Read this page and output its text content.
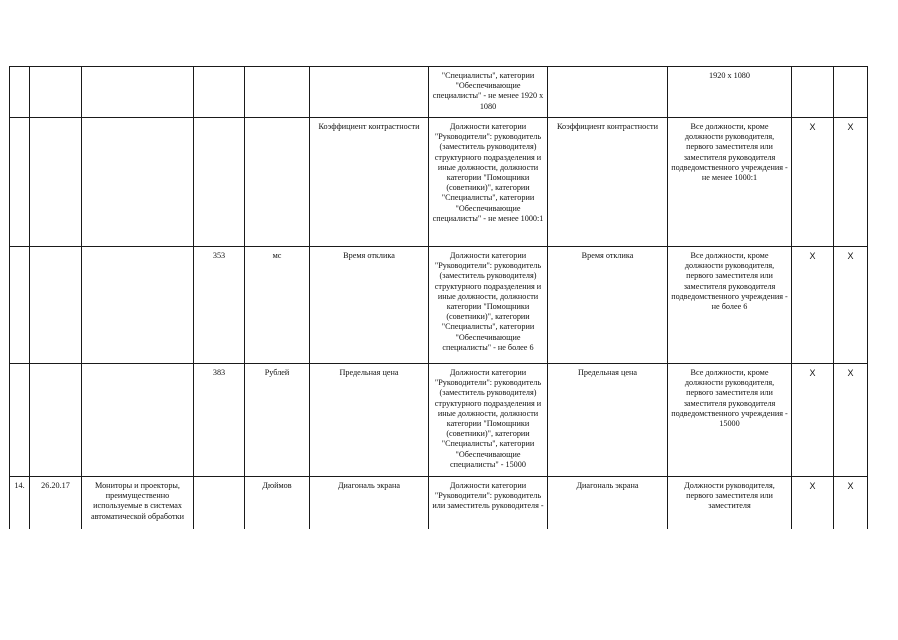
						"Специалисты", категории "Обеспечивающие специалисты" - не менее 1920 x 1080		1920 x 1080		
					Коэффициент контрастности	Должности категории "Руководители": руководитель (заместитель руководителя) структурного подразделения и иные должности, должности категории "Помощники (советники)", категории "Специалисты", категории "Обеспечивающие специалисты" - не менее 1000:1	Коэффициент контрастности	Все должности, кроме должности руководителя, первого заместителя или заместителя руководителя подведомственного учреждения - не менее 1000:1	X	X
			353	мс	Время отклика	Должности категории "Руководители": руководитель (заместитель руководителя) структурного подразделения и иные должности, должности категории "Помощники (советники)", категории "Специалисты", категории "Обеспечивающие специалисты" - не более 6	Время отклика	Все должности, кроме должности руководителя, первого заместителя или заместителя руководителя подведомственного учреждения - не более 6	X	X
			383	Рублей	Предельная цена	Должности категории "Руководители": руководитель (заместитель руководителя) структурного подразделения и иные должности, должности категории "Помощники (советники)", категории "Специалисты", категории "Обеспечивающие специалисты" - 15000	Предельная цена	Все должности, кроме должности руководителя, первого заместителя или заместителя руководителя подведомственного учреждения - 15000	X	X
14.	26.20.17	Мониторы и проекторы, преимущественно используемые в системах автоматической обработки		Дюймов	Диагональ экрана	Должности категории "Руководители": руководитель или заместитель руководителя -	Диагональ экрана	Должности руководителя, первого заместителя или заместителя	X	X
